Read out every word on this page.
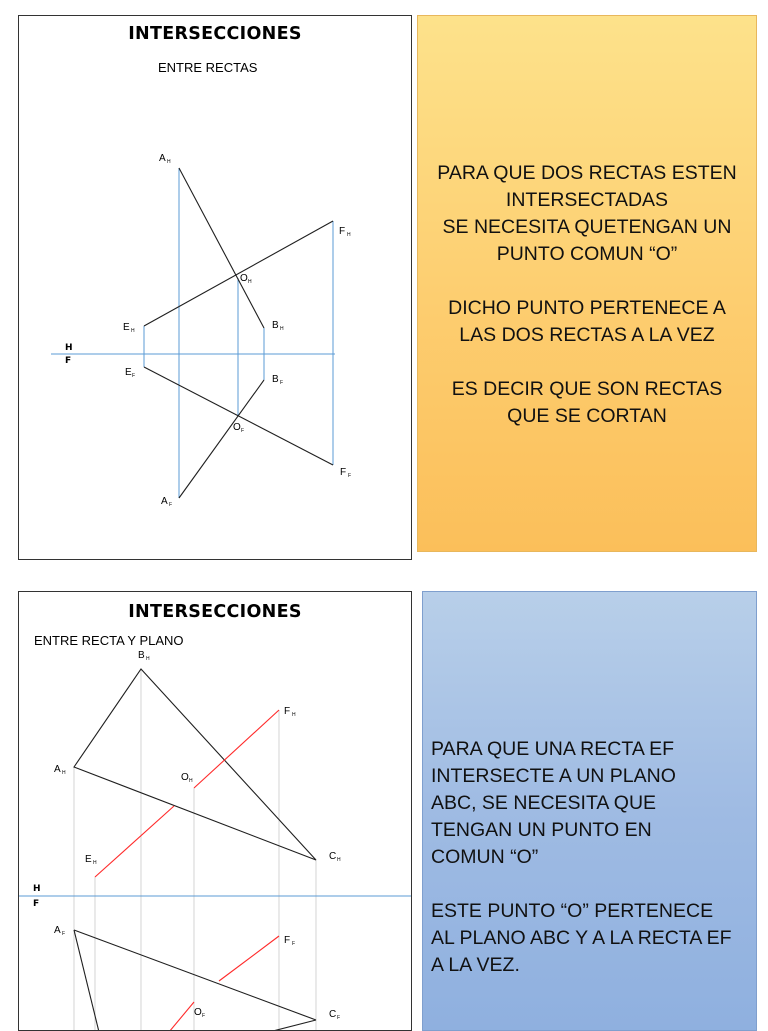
INTERSECCIONES
ENTRE RECTAS
H
F
A H
A F
B H
B F
E H
E F
F H
F F
O H
O F

PARA QUE DOS RECTAS ESTEN
INTERSECTADAS
SE NECESITA QUETENGAN UN
PUNTO COMUN “O”

DICHO PUNTO PERTENECE A
LAS DOS RECTAS A LA VEZ

ES DECIR QUE SON RECTAS
QUE SE CORTAN

INTERSECCIONES
ENTRE RECTA Y PLANO
H
F
B H
A H
C H
E H
F H
O H
A F
F F
C F
O F

PARA QUE UNA RECTA EF
INTERSECTE A UN PLANO
ABC, SE NECESITA QUE
TENGAN UN PUNTO EN
COMUN “O”

ESTE PUNTO “O” PERTENECE
AL PLANO ABC Y A LA RECTA EF
A LA VEZ.
